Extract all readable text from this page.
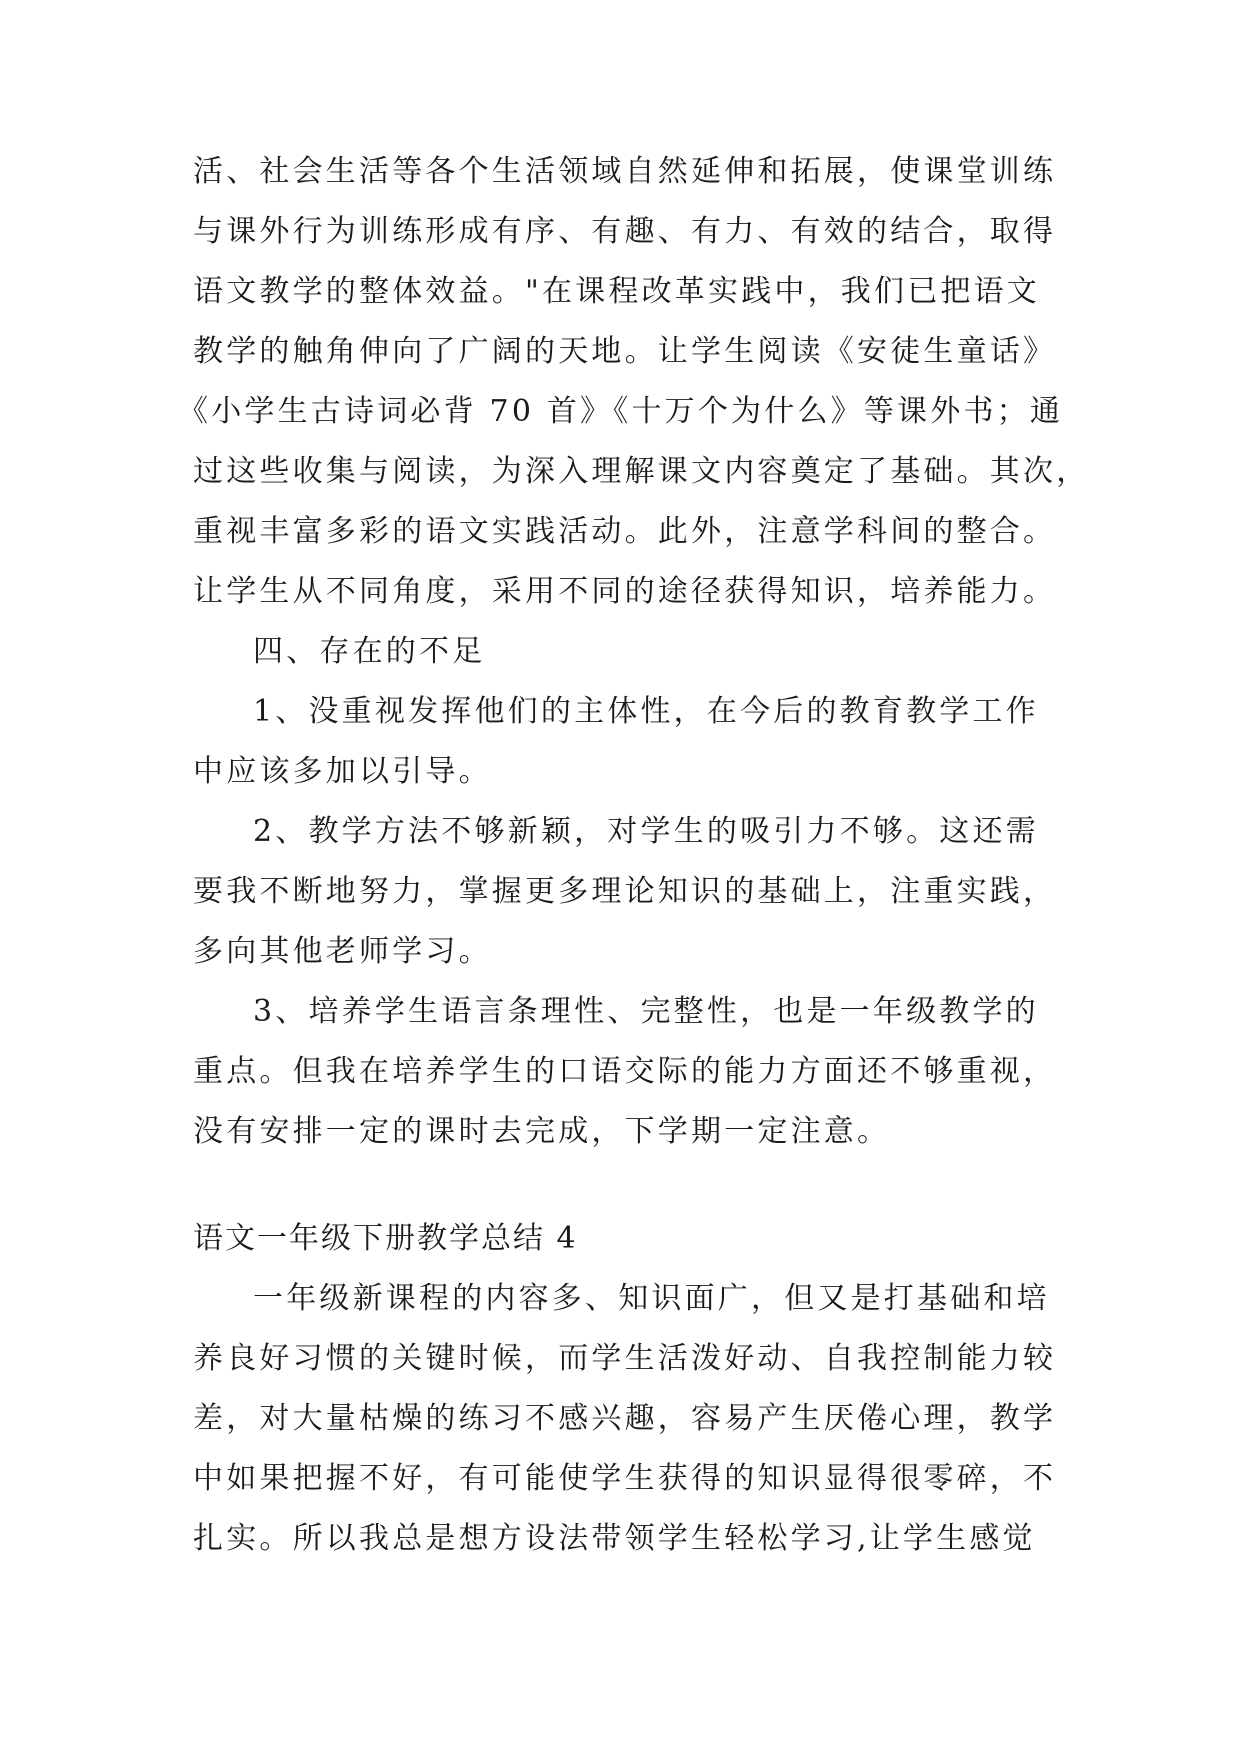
活、社会生活等各个生活领域自然延伸和拓展，使课堂训练
与课外行为训练形成有序、有趣、有力、有效的结合，取得
语文教学的整体效益。"在课程改革实践中，我们已把语文
教学的触角伸向了广阔的天地。让学生阅读《安徒生童话》
《小学生古诗词必背 70 首》《十万个为什么》等课外书；通
过这些收集与阅读，为深入理解课文内容奠定了基础。其次，
重视丰富多彩的语文实践活动。此外，注意学科间的整合。
让学生从不同角度，采用不同的途径获得知识，培养能力。
四、存在的不足
1、没重视发挥他们的主体性，在今后的教育教学工作
中应该多加以引导。
2、教学方法不够新颖，对学生的吸引力不够。这还需
要我不断地努力，掌握更多理论知识的基础上，注重实践，
多向其他老师学习。
3、培养学生语言条理性、完整性，也是一年级教学的
重点。但我在培养学生的口语交际的能力方面还不够重视，
没有安排一定的课时去完成，下学期一定注意。
语文一年级下册教学总结 4
一年级新课程的内容多、知识面广，但又是打基础和培
养良好习惯的关键时候，而学生活泼好动、自我控制能力较
差，对大量枯燥的练习不感兴趣，容易产生厌倦心理，教学
中如果把握不好，有可能使学生获得的知识显得很零碎，不
扎实。所以我总是想方设法带领学生轻松学习,让学生感觉
